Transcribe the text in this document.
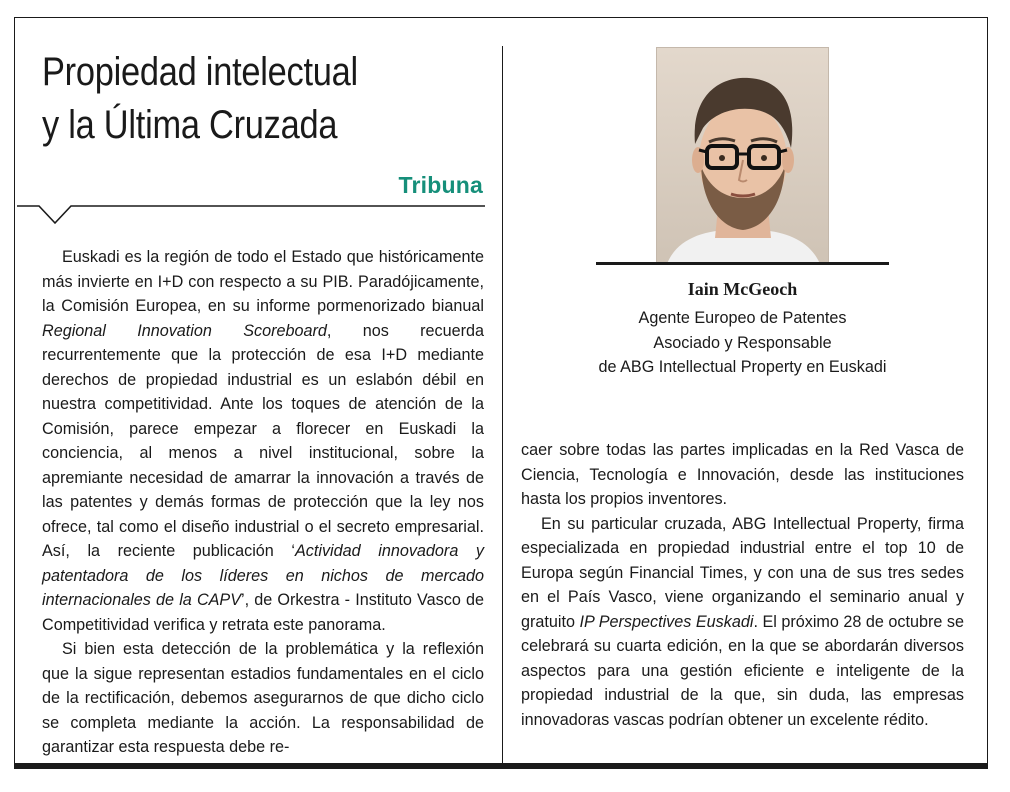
Propiedad intelectual
y la Última Cruzada
Tribuna

Euskadi es la región de todo el Estado que históricamente más invierte en I+D con respecto a su PIB. Paradójicamente, la Comisión Europea, en su informe pormenorizado bianual Regional Innovation Scoreboard, nos recuerda recurrentemente que la protección de esa I+D mediante derechos de propiedad industrial es un eslabón débil en nuestra competitividad. Ante los toques de atención de la Comisión, parece empezar a florecer en Euskadi la conciencia, al menos a nivel institucional, sobre la apremiante necesidad de amarrar la innovación a través de las patentes y demás formas de protección que la ley nos ofrece, tal como el diseño industrial o el secreto empresarial. Así, la reciente publicación ‘Actividad innovadora y patentadora de los líderes en nichos de mercado internacionales de la CAPV’, de Orkestra - Instituto Vasco de Competitividad verifica y retrata este panorama.

Si bien esta detección de la problemática y la reflexión que la sigue representan estadios fundamentales en el ciclo de la rectificación, debemos asegurarnos de que dicho ciclo se completa mediante la acción. La responsabilidad de garantizar esta respuesta debe re-

caer sobre todas las partes implicadas en la Red Vasca de Ciencia, Tecnología e Innovación, desde las instituciones hasta los propios inventores.

En su particular cruzada, ABG Intellectual Property, firma especializada en propiedad industrial entre el top 10 de Europa según Financial Times, y con una de sus tres sedes en el País Vasco, viene organizando el seminario anual y gratuito IP Perspectives Euskadi. El próximo 28 de octubre se celebrará su cuarta edición, en la que se abordarán diversos aspectos para una gestión eficiente e inteligente de la propiedad industrial de la que, sin duda, las empresas innovadoras vascas podrían obtener un excelente rédito.

Iain McGeoch
Agente Europeo de Patentes
Asociado y Responsable
de ABG Intellectual Property en Euskadi
